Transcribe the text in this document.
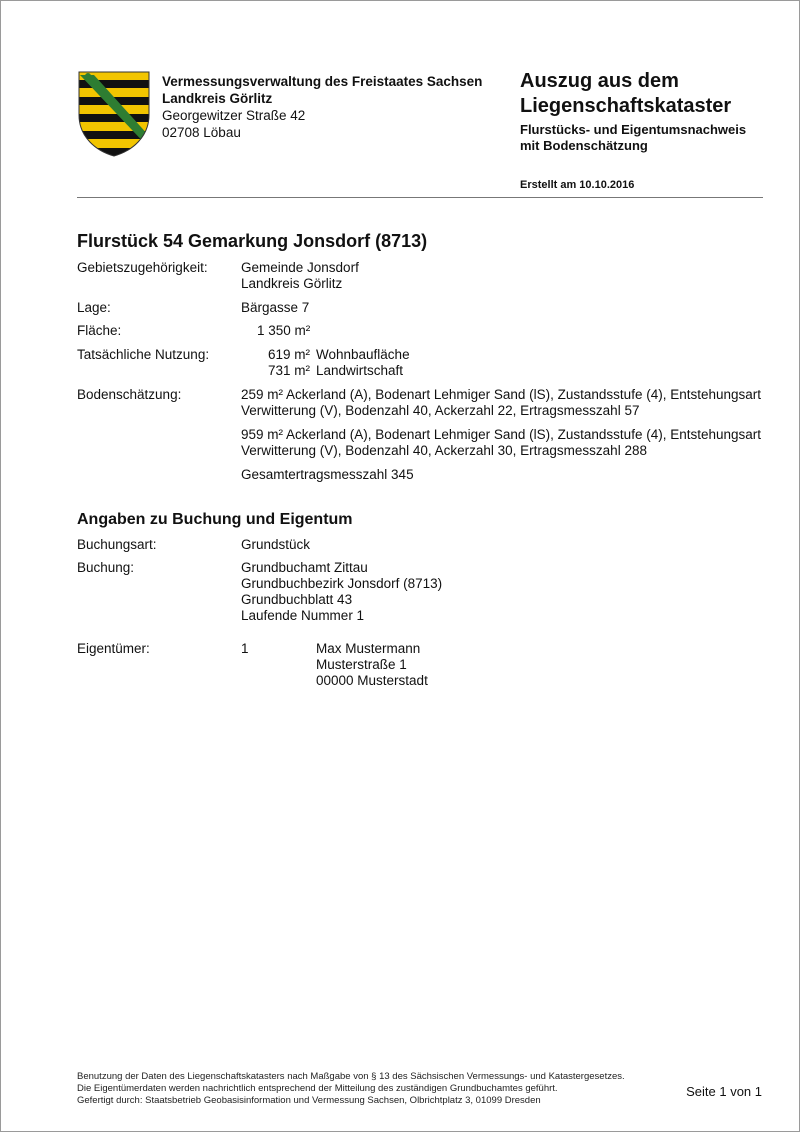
Vermessungsverwaltung des Freistaates Sachsen
Landkreis Görlitz
Georgewitzer Straße 42
02708 Löbau
Auszug aus dem
Liegenschaftskataster
Flurstücks- und Eigentumsnachweis
mit Bodenschätzung
Erstellt am 10.10.2016
Flurstück 54 Gemarkung Jonsdorf (8713)
Gebietszugehörigkeit: Gemeinde Jonsdorf
Landkreis Görlitz
Lage:	Bärgasse 7
Fläche:	1 350 m²
Tatsächliche Nutzung:	619 m² Wohnbaufläche
731 m² Landwirtschaft
Bodenschätzung:	259 m² Ackerland (A), Bodenart Lehmiger Sand (lS), Zustandsstufe (4), Entstehungsart Verwitterung (V), Bodenzahl 40, Ackerzahl 22, Ertragsmesszahl 57
959 m² Ackerland (A), Bodenart Lehmiger Sand (lS), Zustandsstufe (4), Entstehungsart Verwitterung (V), Bodenzahl 40, Ackerzahl 30, Ertragsmesszahl 288
Gesamtertragsmesszahl 345
Angaben zu Buchung und Eigentum
Buchungsart:	Grundstück
Buchung:	Grundbuchamt Zittau
Grundbuchbezirk Jonsdorf (8713)
Grundbuchblatt 43
Laufende Nummer 1
Eigentümer:	1	Max Mustermann
Musterstraße 1
00000 Musterstadt
Benutzung der Daten des Liegenschaftskatasters nach Maßgabe von § 13 des Sächsischen Vermessungs- und Katastergesetzes.
Die Eigentümerdaten werden nachrichtlich entsprechend der Mitteilung des zuständigen Grundbuchamtes geführt.
Gefertigt durch: Staatsbetrieb Geobasisinformation und Vermessung Sachsen, Olbrichtplatz 3, 01099 Dresden
Seite 1 von 1
